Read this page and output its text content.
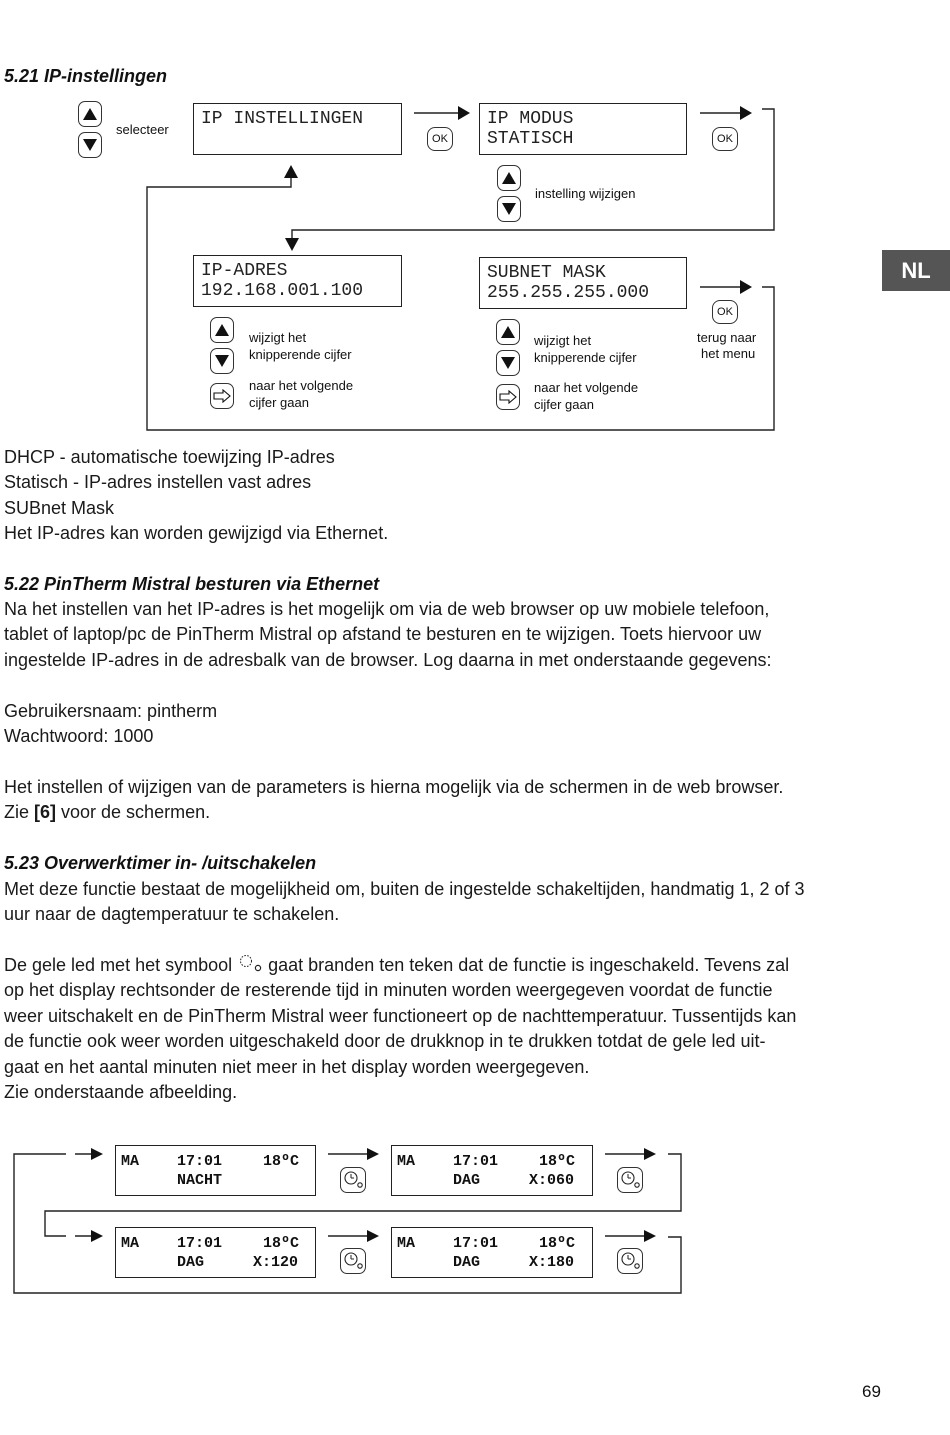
5.21 IP-instellingen
selecteer
IP INSTELLINGEN
OK
IP MODUS
STATISCH	OK
instelling wijzigen
IP-ADRES
192.168.001.100
SUBNET MASK
255.255.255.000
OK
terug naar
het menu
wijzigt het
knipperende cijfer
naar het volgende
cijfer gaan
wijzigt het
knipperende cijfer
naar het volgende
cijfer gaan
NL
DHCP - automatische toewijzing IP-adres
Statisch - IP-adres instellen vast adres
SUBnet Mask
Het IP-adres kan worden gewijzigd via Ethernet.
5.22 PinTherm Mistral besturen via Ethernet
Na het instellen van het IP-adres is het mogelijk om via de web browser op uw mobiele telefoon,
tablet of laptop/pc de PinTherm Mistral op afstand te besturen en te wijzigen. Toets hiervoor uw
ingestelde IP-adres in de adresbalk van de browser. Log daarna in met onderstaande gegevens:
Gebruikersnaam: pintherm
Wachtwoord: 1000
Het instellen of wijzigen van de parameters is hierna mogelijk via de schermen in de web browser.
Zie [6] voor de schermen.
5.23 Overwerktimer in- /uitschakelen
Met deze functie bestaat de mogelijkheid om, buiten de ingestelde schakeltijden, handmatig 1, 2 of 3
uur naar de dagtemperatuur te schakelen.
De gele led met het symbool  gaat branden ten teken dat de functie is ingeschakeld. Tevens zal
op het display rechtsonder de resterende tijd in minuten worden weergegeven voordat de functie
weer uitschakelt en de PinTherm Mistral weer functioneert op de nachttemperatuur. Tussentijds kan
de functie ook weer worden uitgeschakeld door de drukknop in te drukken totdat de gele led uit-
gaat en het aantal minuten niet meer in het display worden weergegeven.
Zie onderstaande afbeelding.
MA	17:01	18ºC
NACHT
MA	17:01	18ºC
DAG	X:060
MA	17:01	18ºC
DAG	X:120
MA	17:01	18ºC
DAG	X:180
69
